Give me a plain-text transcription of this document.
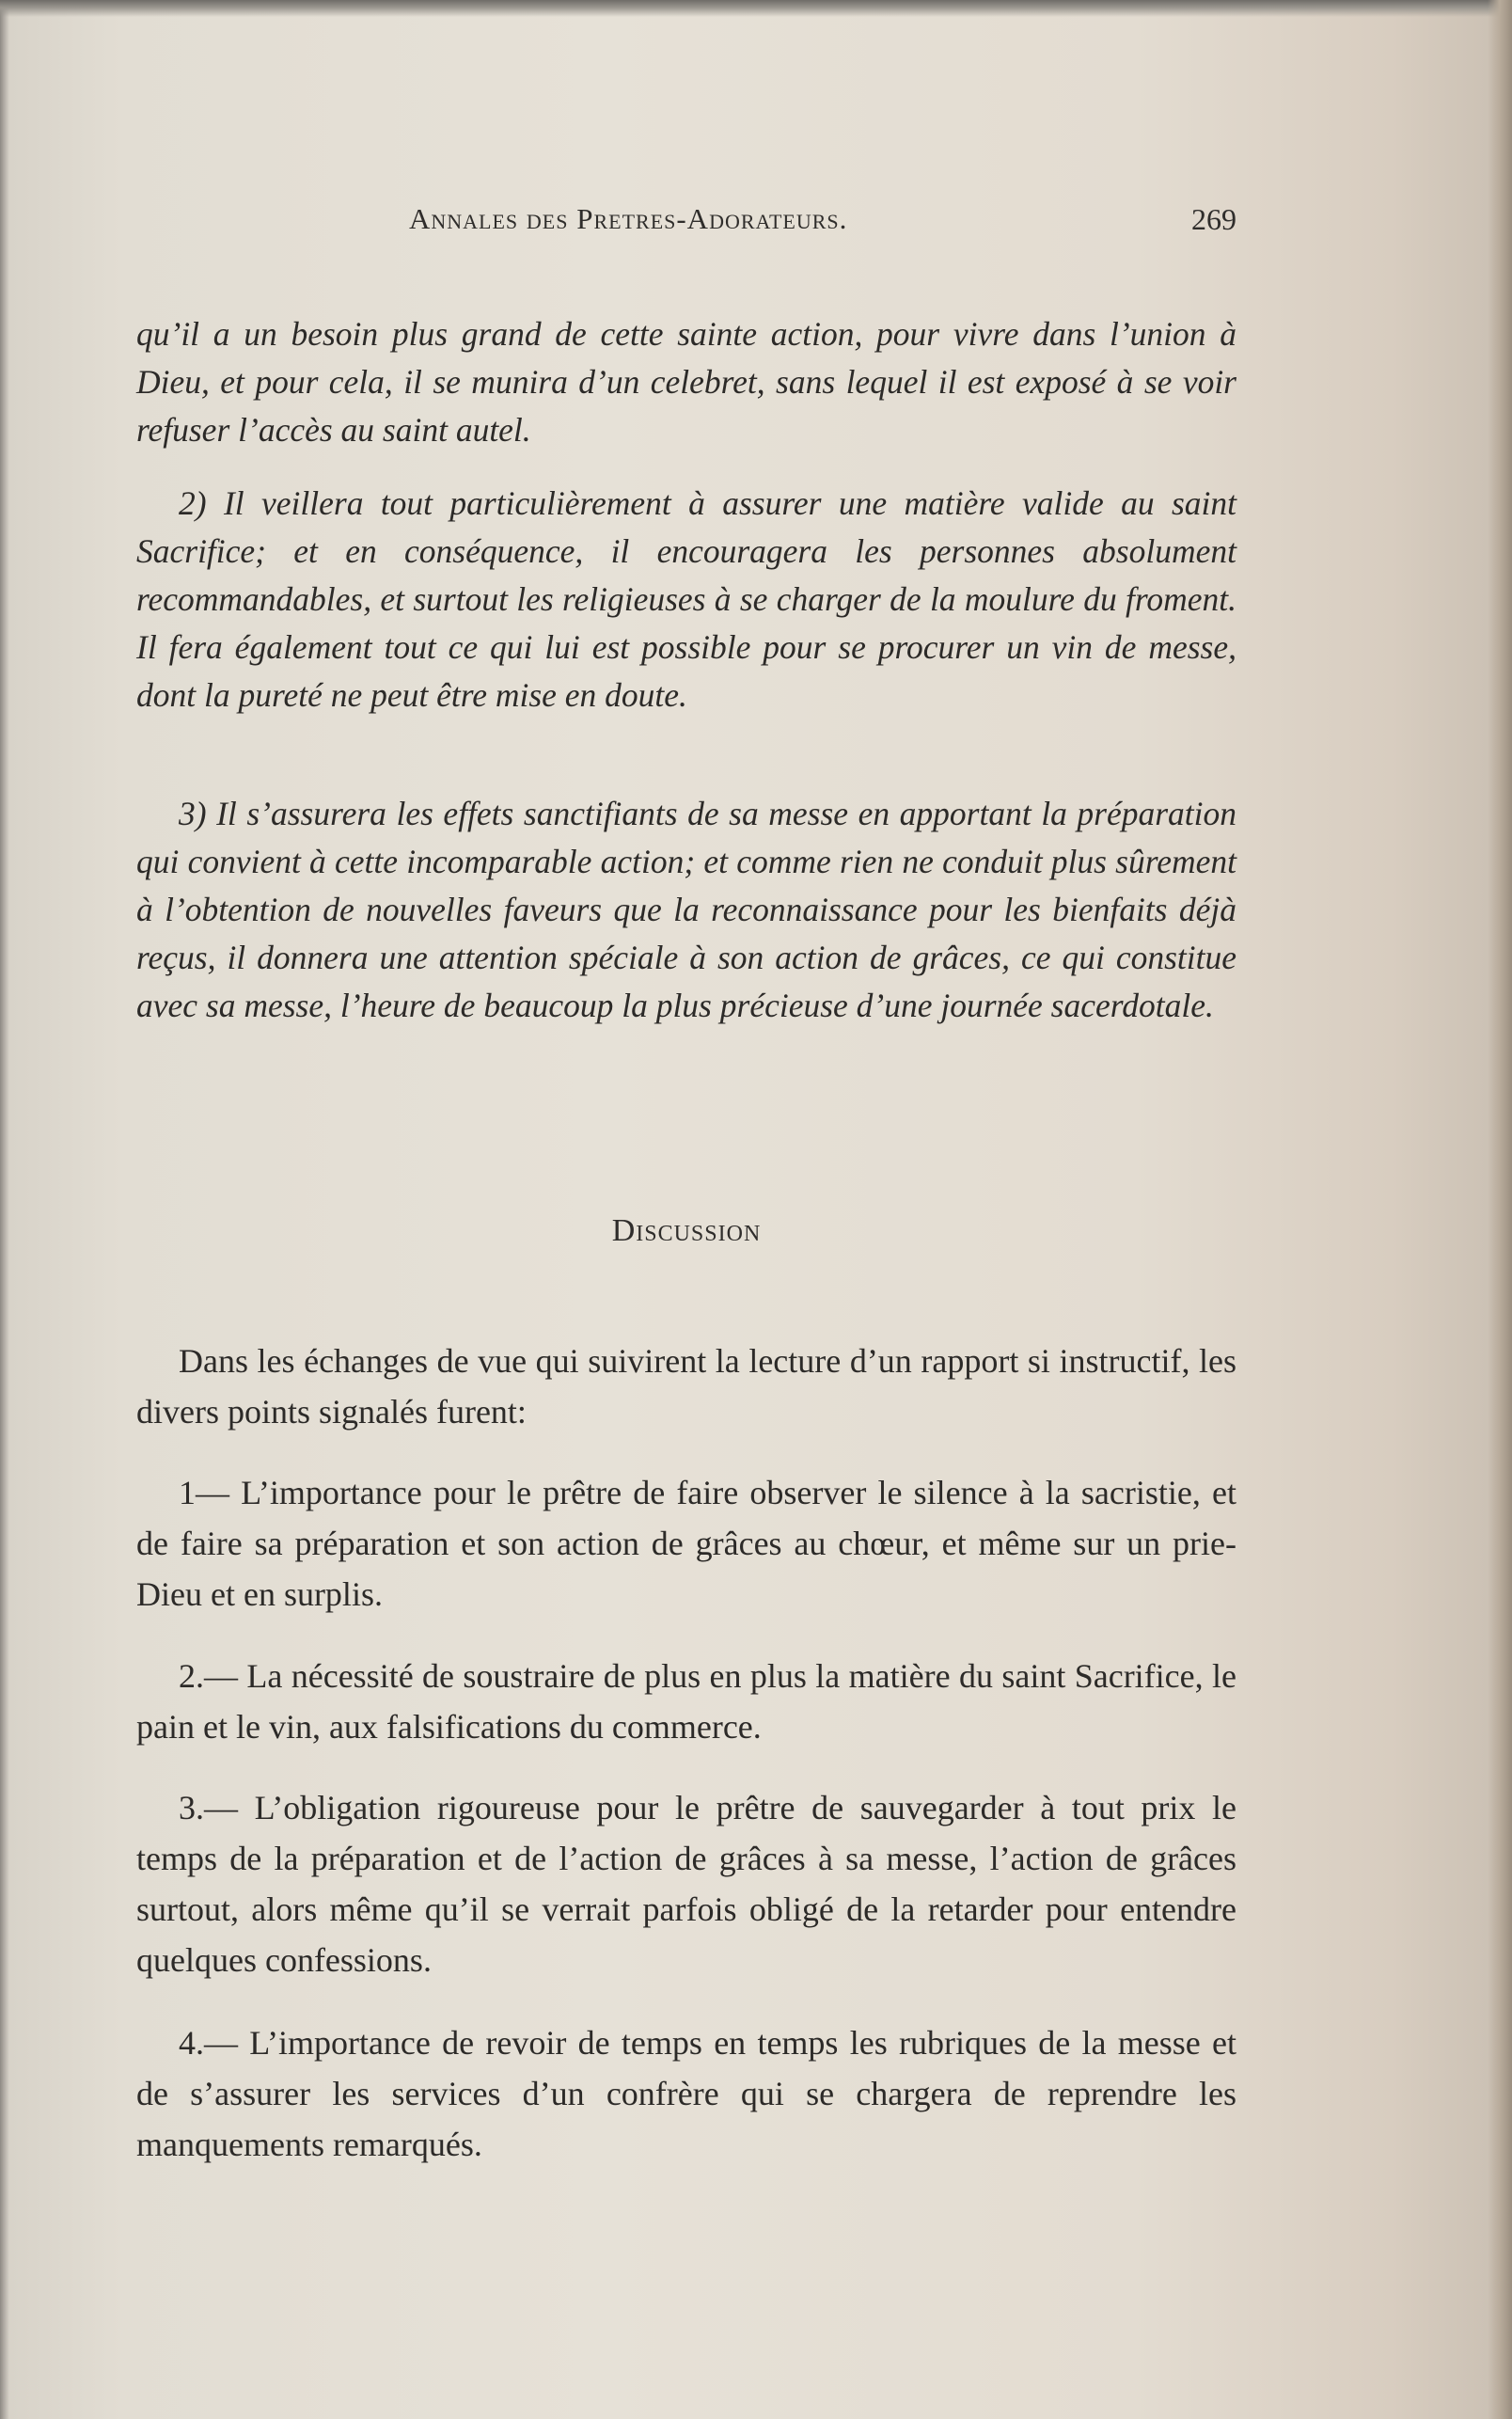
Annales des Pretres-Adorateurs.	269

qu’il a un besoin plus grand de cette sainte action, pour vivre dans l’union à Dieu, et pour cela, il se munira d’un celebret, sans lequel il est exposé à se voir refuser l’accès au saint autel.

2) Il veillera tout particulièrement à assurer une matière valide au saint Sacrifice; et en conséquence, il encouragera les personnes absolument recommandables, et surtout les religieuses à se charger de la moulure du froment. Il fera également tout ce qui lui est possible pour se procurer un vin de messe, dont la pureté ne peut être mise en doute.

3) Il s’assurera les effets sanctifiants de sa messe en apportant la préparation qui convient à cette incomparable action; et comme rien ne conduit plus sûrement à l’obtention de nouvelles faveurs que la reconnaissance pour les bienfaits déjà reçus, il donnera une attention spéciale à son action de grâces, ce qui constitue avec sa messe, l’heure de beaucoup la plus précieuse d’une journée sacerdotale.

Discussion

Dans les échanges de vue qui suivirent la lecture d’un rapport si instructif, les divers points signalés furent:

1— L’importance pour le prêtre de faire observer le silence à la sacristie, et de faire sa préparation et son action de grâces au chœur, et même sur un prie-Dieu et en surplis.

2.— La nécessité de soustraire de plus en plus la matière du saint Sacrifice, le pain et le vin, aux falsifications du commerce.

3.— L’obligation rigoureuse pour le prêtre de sauvegarder à tout prix le temps de la préparation et de l’action de grâces à sa messe, l’action de grâces surtout, alors même qu’il se verrait parfois obligé de la retarder pour entendre quelques confessions.

4.— L’importance de revoir de temps en temps les rubriques de la messe et de s’assurer les services d’un confrère qui se chargera de reprendre les manquements remarqués.
